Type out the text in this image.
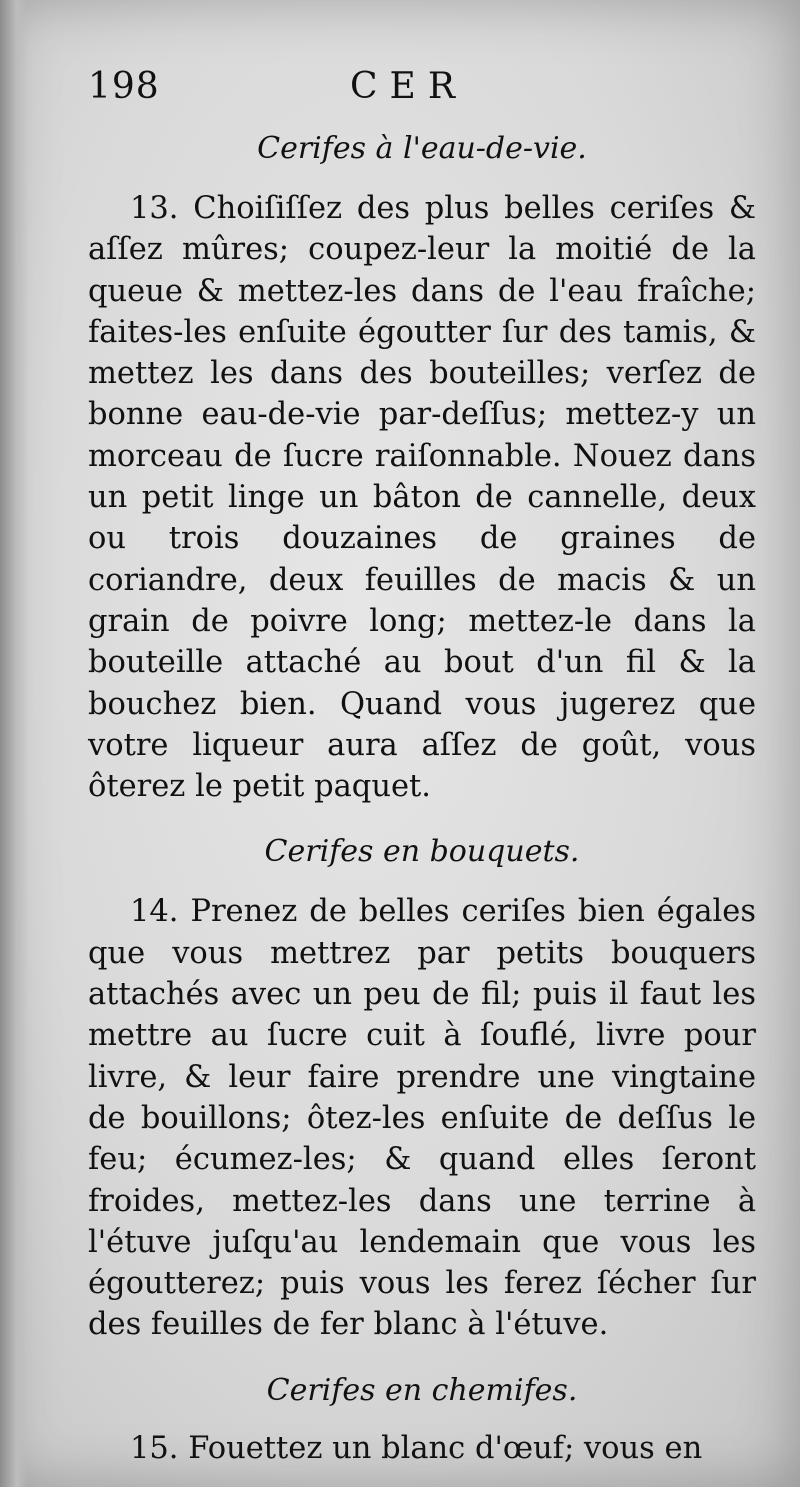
198	CER

Cerifes à l'eau-de-vie.

13. Choiſiſſez des plus belles ceriſes & aſſez mûres; coupez-leur la moitié de la queue & mettez-les dans de l'eau fraîche; faites-les enſuite égoutter ſur des tamis, & mettez les dans des bouteilles; verſez de bonne eau-de-vie par-deſſus; mettez-y un morceau de ſucre raiſonnable. Nouez dans un petit linge un bâton de cannelle, deux ou trois douzaines de graines de coriandre, deux feuilles de macis & un grain de poivre long; mettez-le dans la bouteille attaché au bout d'un fil & la bouchez bien. Quand vous jugerez que votre liqueur aura aſſez de goût, vous ôterez le petit paquet.

Cerifes en bouquets.

14. Prenez de belles ceriſes bien égales que vous mettrez par petits bouquers attachés avec un peu de fil; puis il faut les mettre au ſucre cuit à ſouflé, livre pour livre, & leur faire prendre une vingtaine de bouillons; ôtez-les enſuite de deſſus le feu; écumez-les; & quand elles ſeront froides, mettez-les dans une terrine à l'étuve juſqu'au lendemain que vous les égoutterez; puis vous les ferez ſécher ſur des feuilles de fer blanc à l'étuve.

Cerifes en chemifes.

15. Fouettez un blanc d'œuf; vous en
